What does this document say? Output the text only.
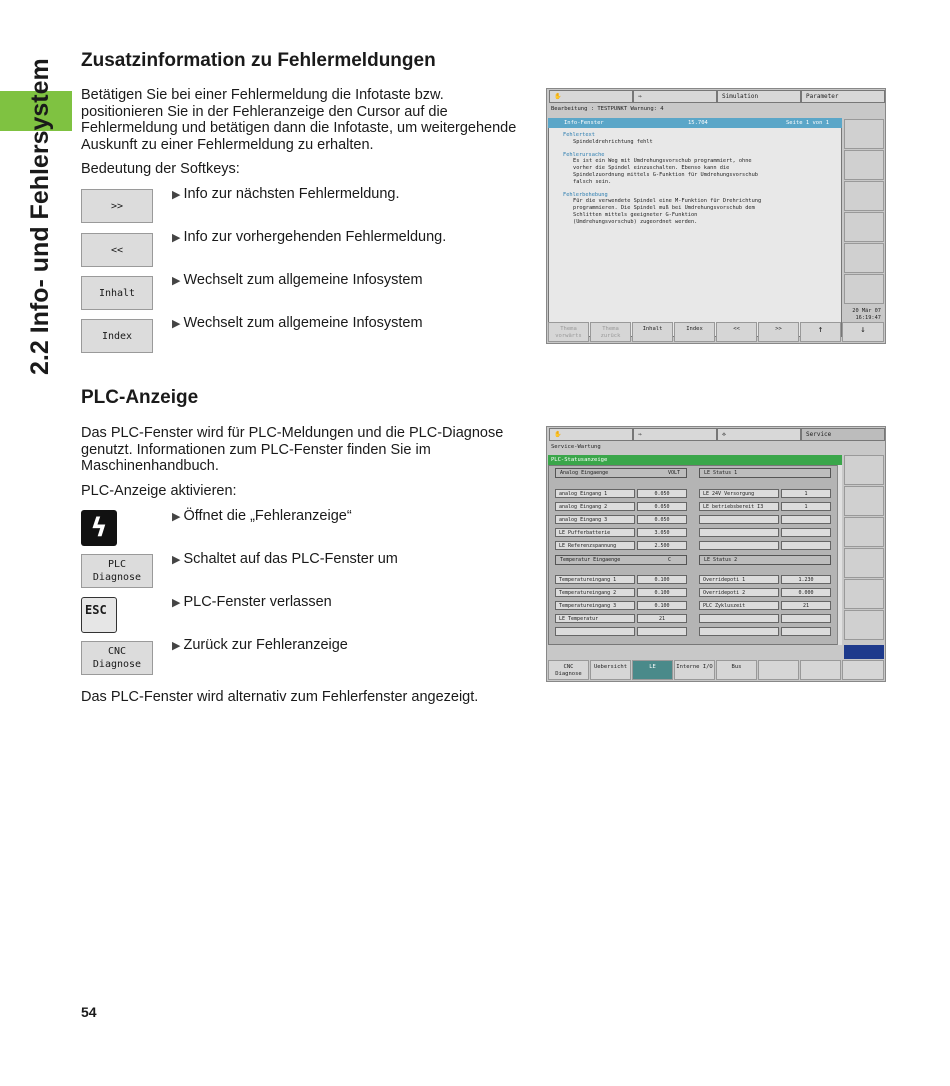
2.2 Info- und Fehlersystem Zusatzinformation zu Fehlermeldungen

Betätigen Sie bei einer Fehlermeldung die Infotaste bzw. positionieren Sie in der Fehleranzeige den Cursor auf die Fehlermeldung und betätigen dann die Infotaste, um weitergehende Auskunft zu einer Fehlermeldung zu erhalten.

Bedeutung der Softkeys:

>>
▶ Info zur nächsten Fehlermeldung.
<<
▶ Info zur vorhergehenden Fehlermeldung.
Inhalt
▶ Wechselt zum allgemeine Infosystem
Index
▶ Wechselt zum allgemeine Infosystem
✋	⇒	Simulation	Parameter
Bearbeitung : TESTPUNKT Warnung: 4
Info-Fenster	15.704	Seite 1 von 1
Fehlertext
Spindeldrehrichtung fehlt
Fehlerursache
Es ist ein Weg mit Umdrehungsvorschub programmiert, ohne
vorher die Spindel einzuschalten. Ebenso kann die
Spindelzuordnung mittels G-Funktion für Umdrehungsvorschub
falsch sein.
Fehlerbehebung
Für die verwendete Spindel eine M-Funktion für Drehrichtung
programmieren. Die Spindel muß bei Umdrehungsvorschub dem
Schlitten mittels geeigneter G-Funktion
(Umdrehungsvorschub) zugeordnet werden.
20 Mär 07
16:19:47
Thema
vorwärts
Thema
zurück
Inhalt	Index	<<	>>	↑	↓
PLC-Anzeige

Das PLC-Fenster wird für PLC-Meldungen und die PLC-Diagnose genutzt. Informationen zum PLC-Fenster finden Sie im Maschinenhandbuch.

PLC-Anzeige aktivieren:

ϟ	▶ Öffnet die „Fehleranzeige“
PLC
Diagnose
▶ Schaltet auf das PLC-Fenster um
ESC	▶ PLC-Fenster verlassen
CNC
Diagnose
▶ Zurück zur Fehleranzeige

Das PLC-Fenster wird alternativ zum Fehlerfenster angezeigt.

✋	⇒	⟡	Service
Service-Wartung
PLC-Statusanzeige
Analog Eingaenge	VOLT
analog Eingang 1	0.050
analog Eingang 2	0.050
analog Eingang 3	0.050
LE Pufferbatterie	3.050
LE Referenzspannung	2.500
Temperatur Eingaenge	C
Temperatureingang 1	0.100
Temperatureingang 2	0.100
Temperatureingang 3	0.100
LE Temperatur	21
LE Status 1
LE 24V Versorgung	1
LE betriebsbereit I3	1
LE Status 2
Overridepoti 1	1.230
Overridepoti 2	0.000
PLC Zykluszeit	21
CNC
Diagnose
Uebersicht	LE	Interne I/O	Bus
54
